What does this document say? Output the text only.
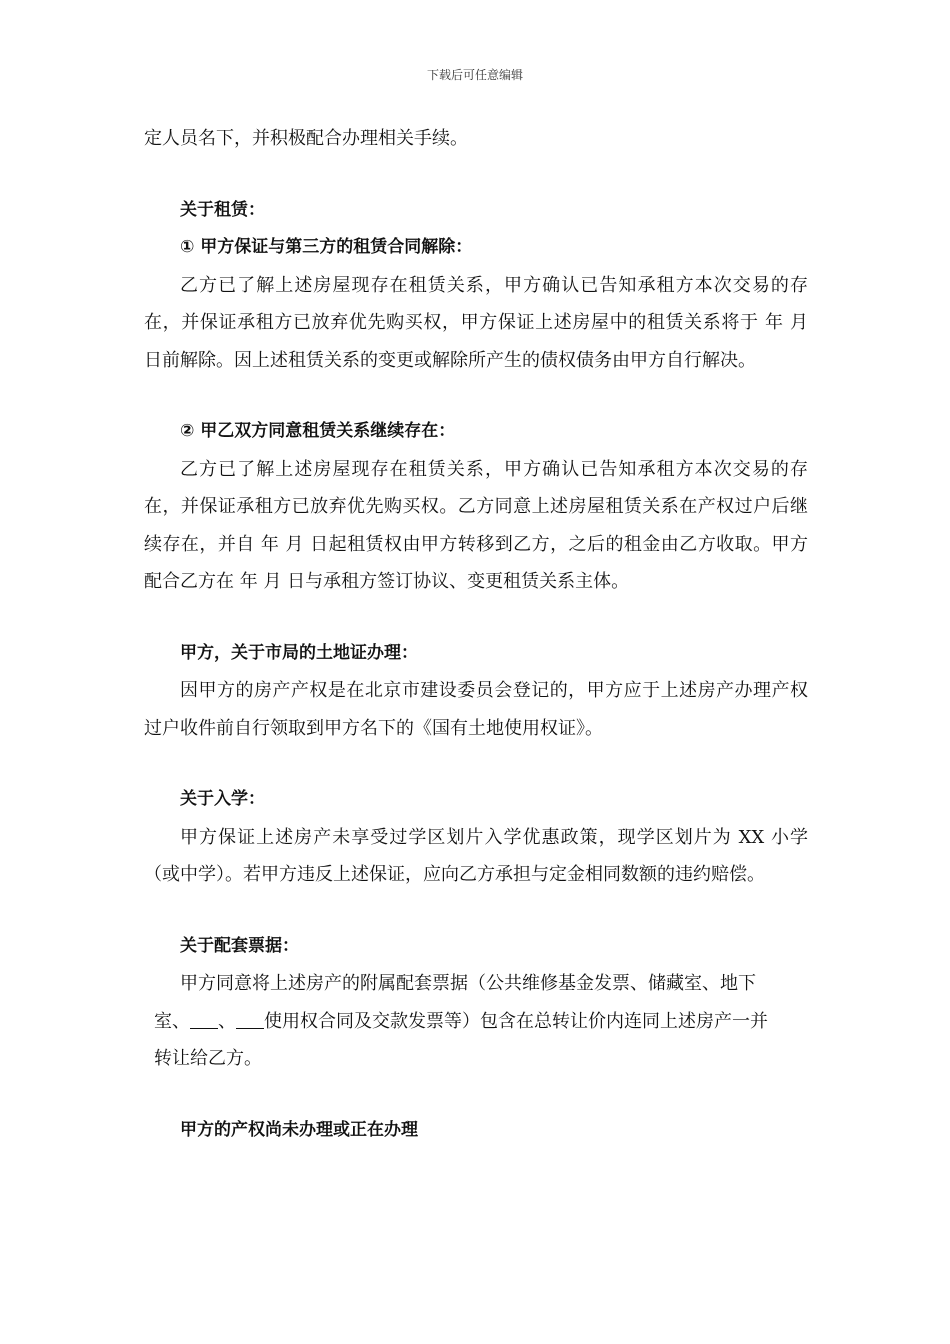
下载后可任意编辑

定人员名下，并积极配合办理相关手续。

关于租赁：

① 甲方保证与第三方的租赁合同解除：

乙方已了解上述房屋现存在租赁关系，甲方确认已告知承租方本次交易的存在，并保证承租方已放弃优先购买权，甲方保证上述房屋中的租赁关系将于 年 月 日前解除。因上述租赁关系的变更或解除所产生的债权债务由甲方自行解决。

② 甲乙双方同意租赁关系继续存在：

乙方已了解上述房屋现存在租赁关系，甲方确认已告知承租方本次交易的存在，并保证承租方已放弃优先购买权。乙方同意上述房屋租赁关系在产权过户后继续存在，并自 年 月 日起租赁权由甲方转移到乙方，之后的租金由乙方收取。甲方配合乙方在 年 月 日与承租方签订协议、变更租赁关系主体。

甲方，关于市局的土地证办理：

因甲方的房产产权是在北京市建设委员会登记的，甲方应于上述房产办理产权过户收件前自行领取到甲方名下的《国有土地使用权证》。

关于入学：

甲方保证上述房产未享受过学区划片入学优惠政策，现学区划片为 XX 小学（或中学）。若甲方违反上述保证，应向乙方承担与定金相同数额的违约赔偿。

关于配套票据：

甲方同意将上述房产的附属配套票据（公共维修基金发票、储藏室、地下

室、 、 使用权合同及交款发票等）包含在总转让价内连同上述房产一并

转让给乙方。

甲方的产权尚未办理或正在办理
